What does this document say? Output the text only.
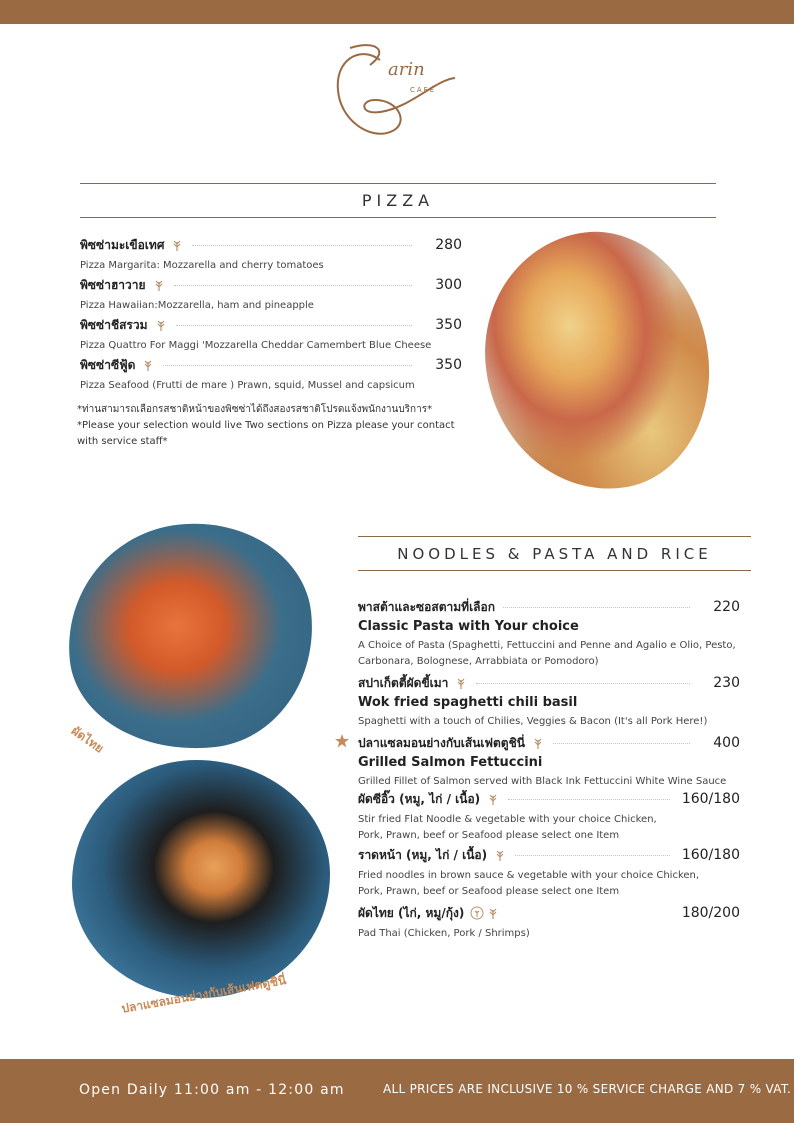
arin
CAFÉ
PIZZA
พิซซ่ามะเขือเทศ	280
Pizza Margarita: Mozzarella and cherry tomatoes
พิซซ่าฮาวาย	300
Pizza Hawaiian:Mozzarella, ham and pineapple
พิซซ่าชีสรวม	350
Pizza Quattro For Maggi 'Mozzarella Cheddar Camembert Blue Cheese
พิซซ่าซีฟู้ด	350
Pizza Seafood (Frutti de mare ) Prawn, squid, Mussel and capsicum
*ท่านสามารถเลือกรสชาติหน้าของพิซซ่าได้ถึงสองรสชาติโปรดแจ้งพนักงานบริการ*
*Please your selection would live Two sections on Pizza please your contact with service staff*
ผัดไทย
ปลาแซลมอนย่างกับเส้นเฟตตูชินี่
NOODLES & PASTA AND RICE
พาสต้าและซอสตามที่เลือก	220
Classic Pasta with Your choice
A Choice of Pasta (Spaghetti, Fettuccini and Penne and Agalio e Olio, Pesto, Carbonara, Bolognese, Arrabbiata or Pomodoro)
สปาเก็ตตี้ผัดขี้เมา	230
Wok fried spaghetti chili basil
Spaghetti with a touch of Chilies, Veggies & Bacon (It's all Pork Here!)
ปลาแซลมอนย่างกับเส้นเฟตตูชินี่	400
Grilled Salmon Fettuccini
Grilled Fillet of Salmon served with Black Ink Fettuccini White Wine Sauce
ผัดซีอิ๊ว (หมู, ไก่ / เนื้อ)	160/180
Stir fried Flat Noodle & vegetable with your choice Chicken, Pork, Prawn, beef or Seafood please select one Item
ราดหน้า (หมู, ไก่ / เนื้อ)	160/180
Fried noodles in brown sauce & vegetable with your choice Chicken, Pork, Prawn, beef or Seafood please select one Item
ผัดไทย (ไก่, หมู/กุ้ง)	180/200
Pad Thai (Chicken, Pork / Shrimps)
Open Daily 11:00 am - 12:00 am	ALL PRICES ARE INCLUSIVE 10 % SERVICE CHARGE AND 7 % VAT.
